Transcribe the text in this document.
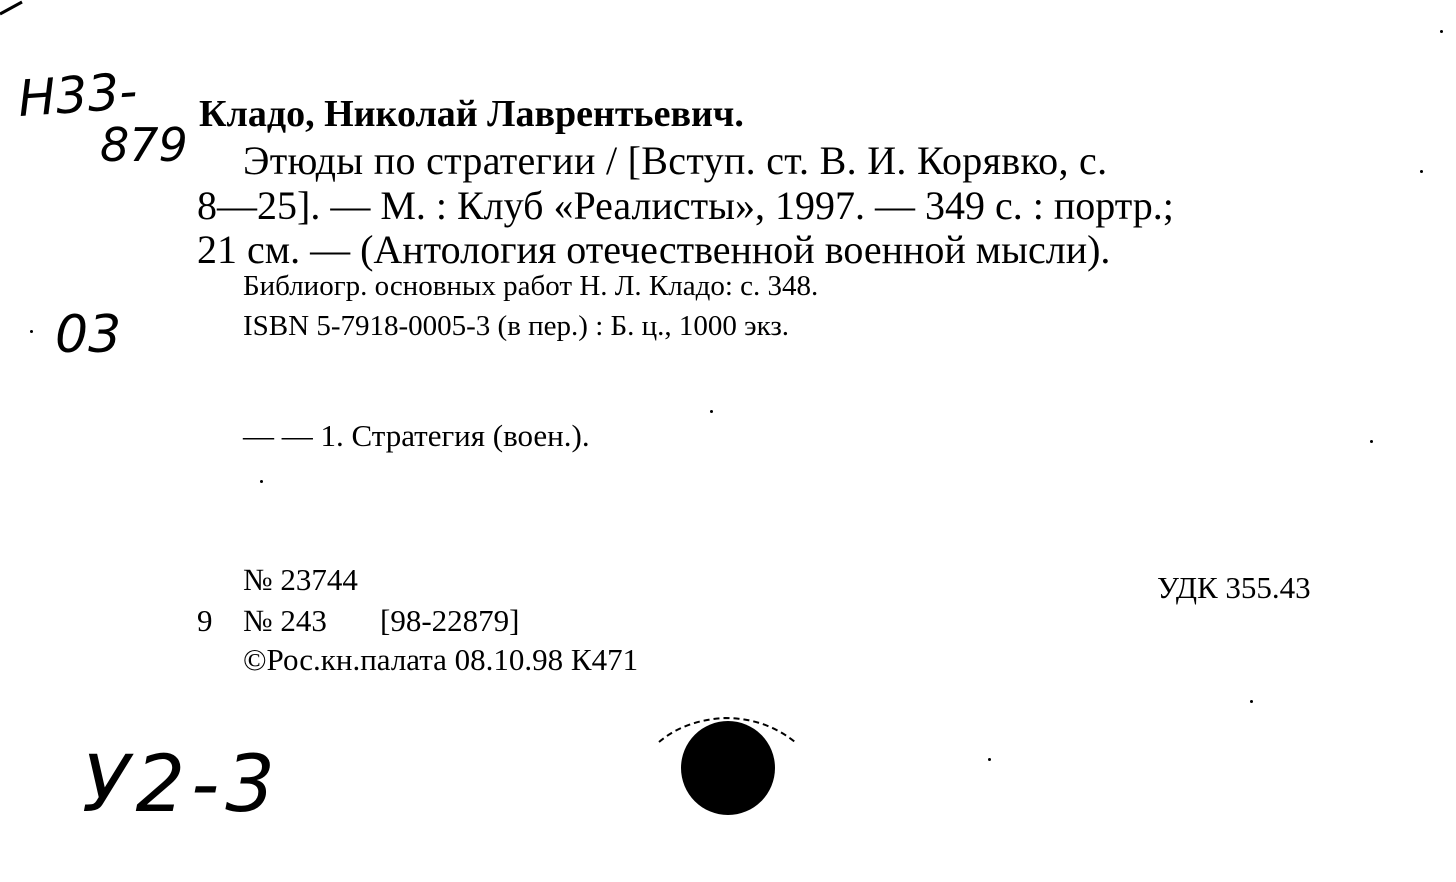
Н33-
879
Кладо, Николай Лаврентьевич.
Этюды по стратегии / [Вступ. ст. В. И. Корявко, с.
8—25]. — М. : Клуб «Реалисты», 1997. — 349 с. : портр.;
21 см. — (Антология отечественной военной мысли).
Библиогр. основных работ Н. Л. Кладо: с. 348.
ISBN 5-7918-0005-3 (в пер.) : Б. ц., 1000 экз.
03
— — 1. Стратегия (воен.).
№ 23744	УДК 355.43
9 № 243 [98-22879]
©Рос.кн.палата 08.10.98 К471
У2-3
